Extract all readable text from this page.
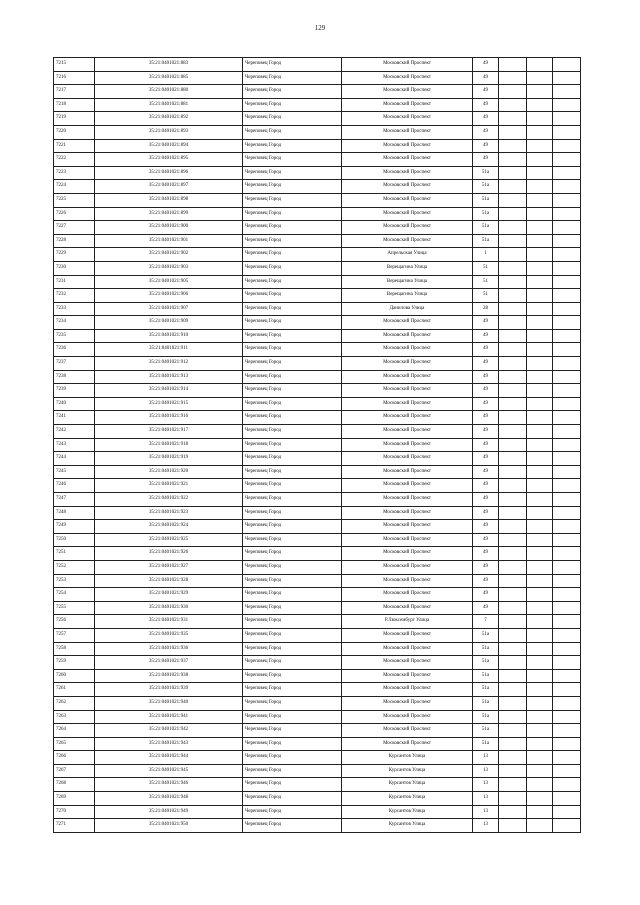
129
7215	35:21:0401021:883	Череповец Город	Московский Проспект	49			
7216	35:21:0401021:885	Череповец Город	Московский Проспект	49			
7217	35:21:0401021:880	Череповец Город	Московский Проспект	49			
7218	35:21:0401021:881	Череповец Город	Московский Проспект	49			
7219	35:21:0401021:892	Череповец Город	Московский Проспект	49			
7220	35:21:0401021:893	Череповец Город	Московский Проспект	49			
7221	35:21:0401021:894	Череповец Город	Московский Проспект	49			
7222	35:21:0401021:895	Череповец Город	Московский Проспект	49			
7223	35:21:0401021:896	Череповец Город	Московский Проспект	51а			
7224	35:21:0401021:897	Череповец Город	Московский Проспект	51а			
7225	35:21:0401021:898	Череповец Город	Московский Проспект	51а			
7226	35:21:0401021:899	Череповец Город	Московский Проспект	51а			
7227	35:21:0401021:900	Череповец Город	Московский Проспект	51а			
7228	35:21:0401021:901	Череповец Город	Московский Проспект	51а			
7229	35:21:0401021:902	Череповец Город	Апрельская Улица	1			
7230	35:21:0401021:903	Череповец Город	Верещагина Улица	51			
7231	35:21:0401021:905	Череповец Город	Верещагина Улица	51			
7232	35:21:0401021:906	Череповец Город	Верещагина Улица	51			
7233	35:21:0401021:907	Череповец Город	Данилова Улица	28			
7234	35:21:0401021:909	Череповец Город	Московский Проспект	49			
7235	35:21:0401021:910	Череповец Город	Московский Проспект	49			
7236	35:21:0401021:911	Череповец Город	Московский Проспект	49			
7237	35:21:0401021:912	Череповец Город	Московский Проспект	49			
7238	35:21:0401021:913	Череповец Город	Московский Проспект	49			
7239	35:21:0401021:914	Череповец Город	Московский Проспект	49			
7240	35:21:0401021:915	Череповец Город	Московский Проспект	49			
7241	35:21:0401021:916	Череповец Город	Московский Проспект	49			
7242	35:21:0401021:917	Череповец Город	Московский Проспект	49			
7243	35:21:0401021:918	Череповец Город	Московский Проспект	49			
7244	35:21:0401021:919	Череповец Город	Московский Проспект	49			
7245	35:21:0401021:920	Череповец Город	Московский Проспект	49			
7246	35:21:0401021:921	Череповец Город	Московский Проспект	49			
7247	35:21:0401021:922	Череповец Город	Московский Проспект	49			
7248	35:21:0401021:923	Череповец Город	Московский Проспект	49			
7249	35:21:0401021:924	Череповец Город	Московский Проспект	49			
7250	35:21:0401021:925	Череповец Город	Московский Проспект	49			
7251	35:21:0401021:926	Череповец Город	Московский Проспект	49			
7252	35:21:0401021:927	Череповец Город	Московский Проспект	49			
7253	35:21:0401021:928	Череповец Город	Московский Проспект	49			
7254	35:21:0401021:929	Череповец Город	Московский Проспект	49			
7255	35:21:0401021:930	Череповец Город	Московский Проспект	49			
7256	35:21:0401021:931	Череповец Город	Р.Люксембург Улица	7			
7257	35:21:0401021:935	Череповец Город	Московский Проспект	51а			
7258	35:21:0401021:936	Череповец Город	Московский Проспект	51а			
7259	35:21:0401021:937	Череповец Город	Московский Проспект	51а			
7260	35:21:0401021:938	Череповец Город	Московский Проспект	51а			
7261	35:21:0401021:939	Череповец Город	Московский Проспект	51а			
7262	35:21:0401021:940	Череповец Город	Московский Проспект	51а			
7263	35:21:0401021:941	Череповец Город	Московский Проспект	51а			
7264	35:21:0401021:942	Череповец Город	Московский Проспект	51а			
7265	35:21:0401021:943	Череповец Город	Московский Проспект	51а			
7266	35:21:0401021:944	Череповец Город	Курсантов Улица	13			
7267	35:21:0401021:945	Череповец Город	Курсантов Улица	13			
7268	35:21:0401021:946	Череповец Город	Курсантов Улица	13			
7269	35:21:0401021:948	Череповец Город	Курсантов Улица	13			
7270	35:21:0401021:949	Череповец Город	Курсантов Улица	13			
7271	35:21:0401021:950	Череповец Город	Курсантов Улица	13			
